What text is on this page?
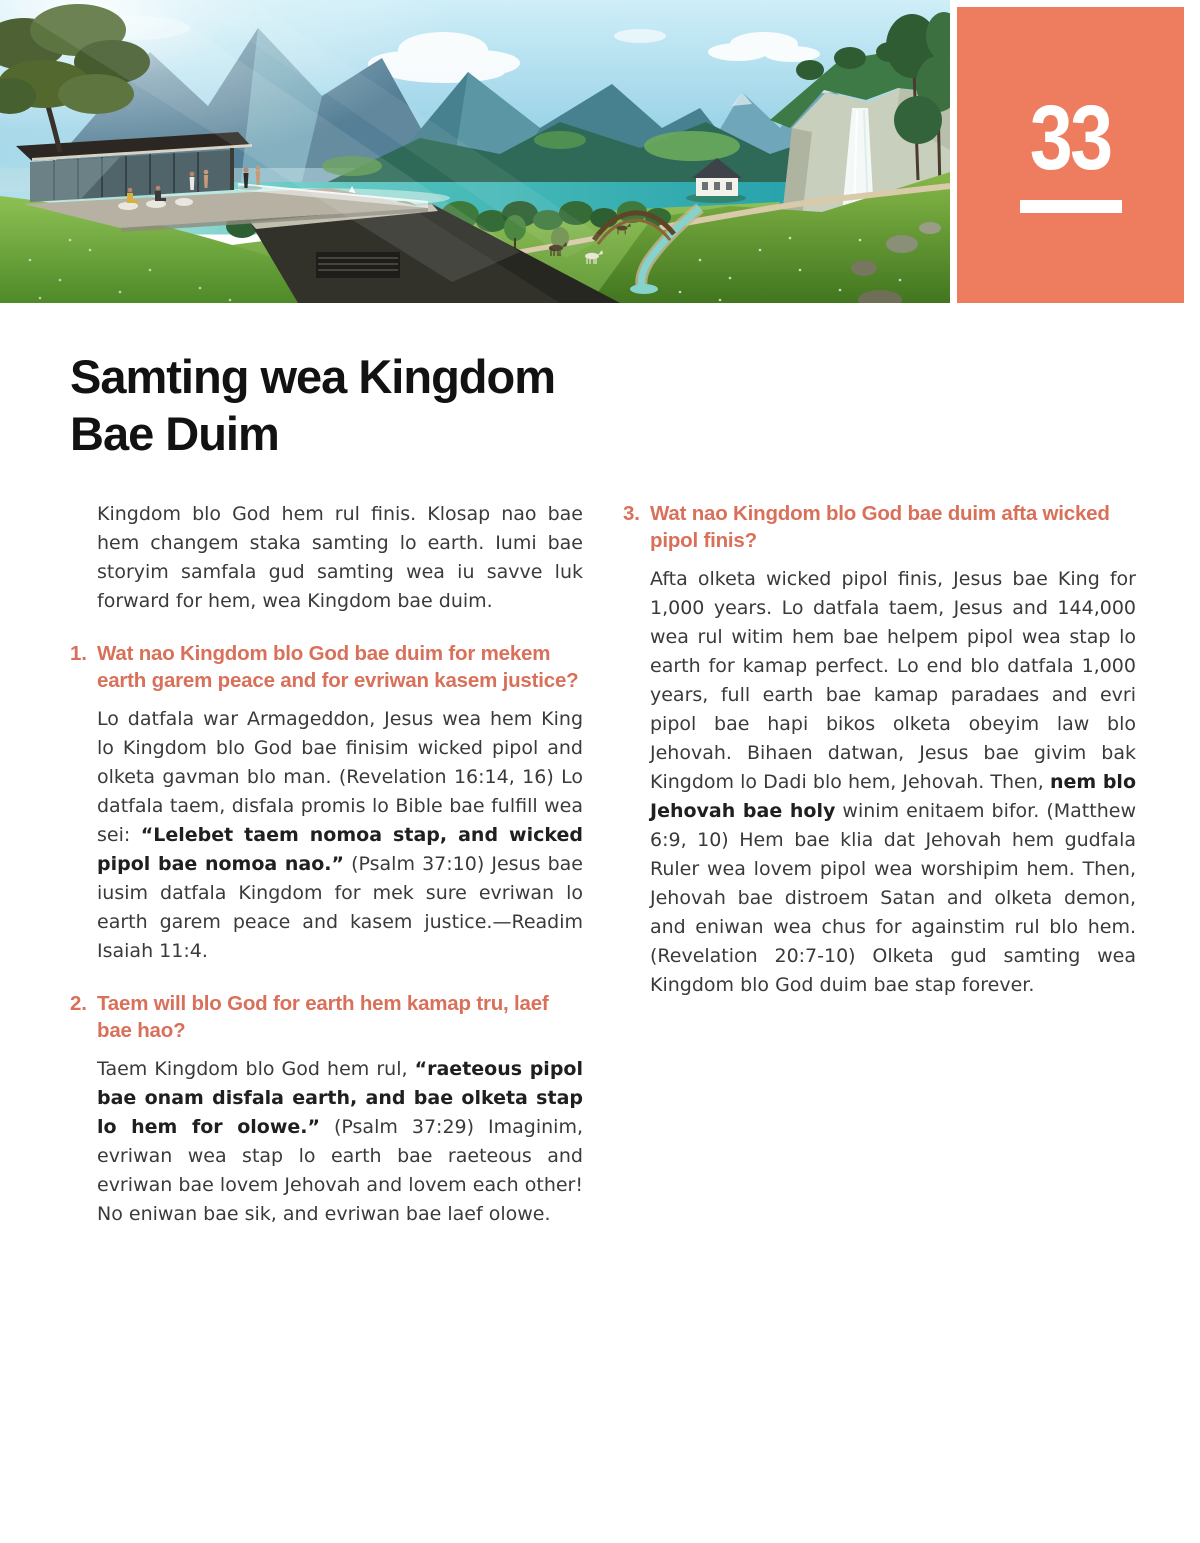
33
Samting wea Kingdom
Bae Duim

Kingdom blo God hem rul finis. Klosap nao bae hem changem staka samting lo earth. Iumi bae storyim samfala gud samting wea iu savve luk forward for hem, wea Kingdom bae duim.

1. Wat nao Kingdom blo God bae duim for mekem earth garem peace and for evriwan kasem justice?

Lo datfala war Armageddon, Jesus wea hem King lo Kingdom blo God bae finisim wicked pipol and olketa gavman blo man. (Revelation 16:14, 16) Lo datfala taem, disfala promis lo Bible bae fulfill wea sei: “Lelebet taem nomoa stap, and wicked pipol bae nomoa nao.” (Psalm 37:10) Jesus bae iusim datfala Kingdom for mek sure evriwan lo earth garem peace and kasem justice.—Readim Isaiah 11:4.

2. Taem will blo God for earth hem kamap tru, laef bae hao?

Taem Kingdom blo God hem rul, “raeteous pipol bae onam disfala earth, and bae olketa stap lo hem for olowe.” (Psalm 37:29) Imaginim, evriwan wea stap lo earth bae raeteous and evriwan bae lovem Jehovah and lovem each other! No eniwan bae sik, and evriwan bae laef olowe.

3. Wat nao Kingdom blo God bae duim afta wicked pipol finis?

Afta olketa wicked pipol finis, Jesus bae King for 1,000 years. Lo datfala taem, Jesus and 144,000 wea rul witim hem bae helpem pipol wea stap lo earth for kamap perfect. Lo end blo datfala 1,000 years, full earth bae kamap paradaes and evri pipol bae hapi bikos olketa obeyim law blo Jehovah. Bihaen datwan, Jesus bae givim bak Kingdom lo Dadi blo hem, Jehovah. Then, nem blo Jehovah bae holy winim enitaem bifor. (Matthew 6:9, 10) Hem bae klia dat Jehovah hem gudfala Ruler wea lovem pipol wea worshipim hem. Then, Jehovah bae distroem Satan and olketa demon, and eniwan wea chus for againstim rul blo hem. (Revelation 20:7-10) Olketa gud samting wea Kingdom blo God duim bae stap forever.
